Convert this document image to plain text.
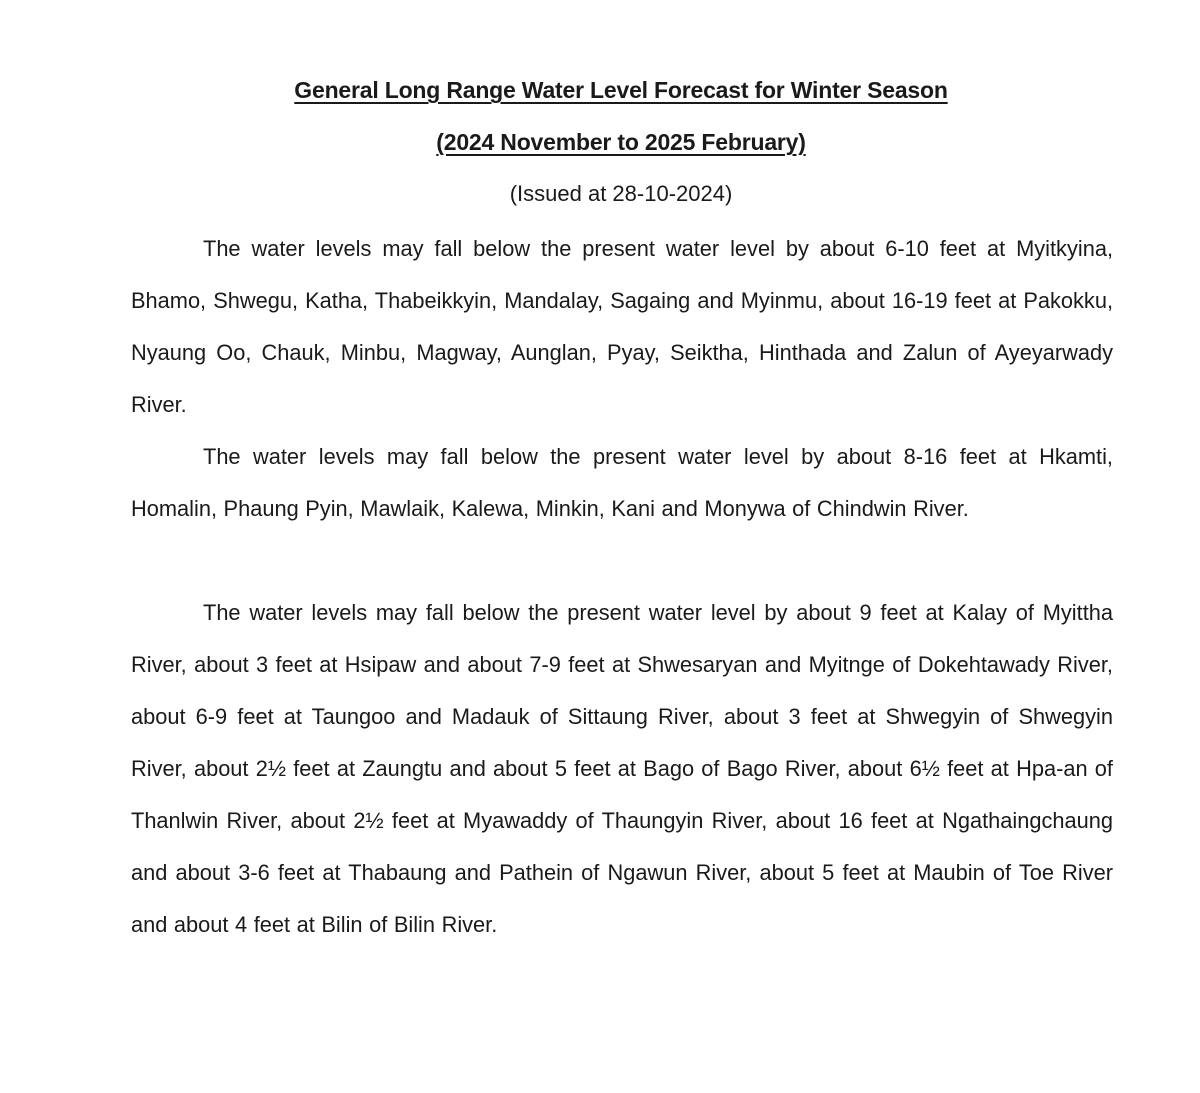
General Long Range Water Level Forecast for Winter Season
(2024 November to 2025 February)
(Issued at 28-10-2024)

The water levels may fall below the present water level by about 6-10 feet at Myitkyina, Bhamo, Shwegu, Katha, Thabeikkyin, Mandalay, Sagaing and Myinmu, about 16-19 feet at Pakokku, Nyaung Oo, Chauk, Minbu, Magway, Aunglan, Pyay, Seiktha, Hinthada and Zalun of Ayeyarwady River.

The water levels may fall below the present water level by about 8-16 feet at Hkamti, Homalin, Phaung Pyin, Mawlaik, Kalewa, Minkin, Kani and Monywa of Chindwin River.

The water levels may fall below the present water level by about 9 feet at Kalay of Myittha River, about 3 feet at Hsipaw and about 7-9 feet at Shwesaryan and Myitnge of Dokehtawady River, about 6-9 feet at Taungoo and Madauk of Sittaung River, about 3 feet at Shwegyin of Shwegyin River, about 2½ feet at Zaungtu and about 5 feet at Bago of Bago River, about 6½ feet at Hpa-an of Thanlwin River, about 2½ feet at Myawaddy of Thaungyin River, about 16 feet at Ngathaingchaung and about 3-6 feet at Thabaung and Pathein of Ngawun River, about 5 feet at Maubin of Toe River and about 4 feet at Bilin of Bilin River.
